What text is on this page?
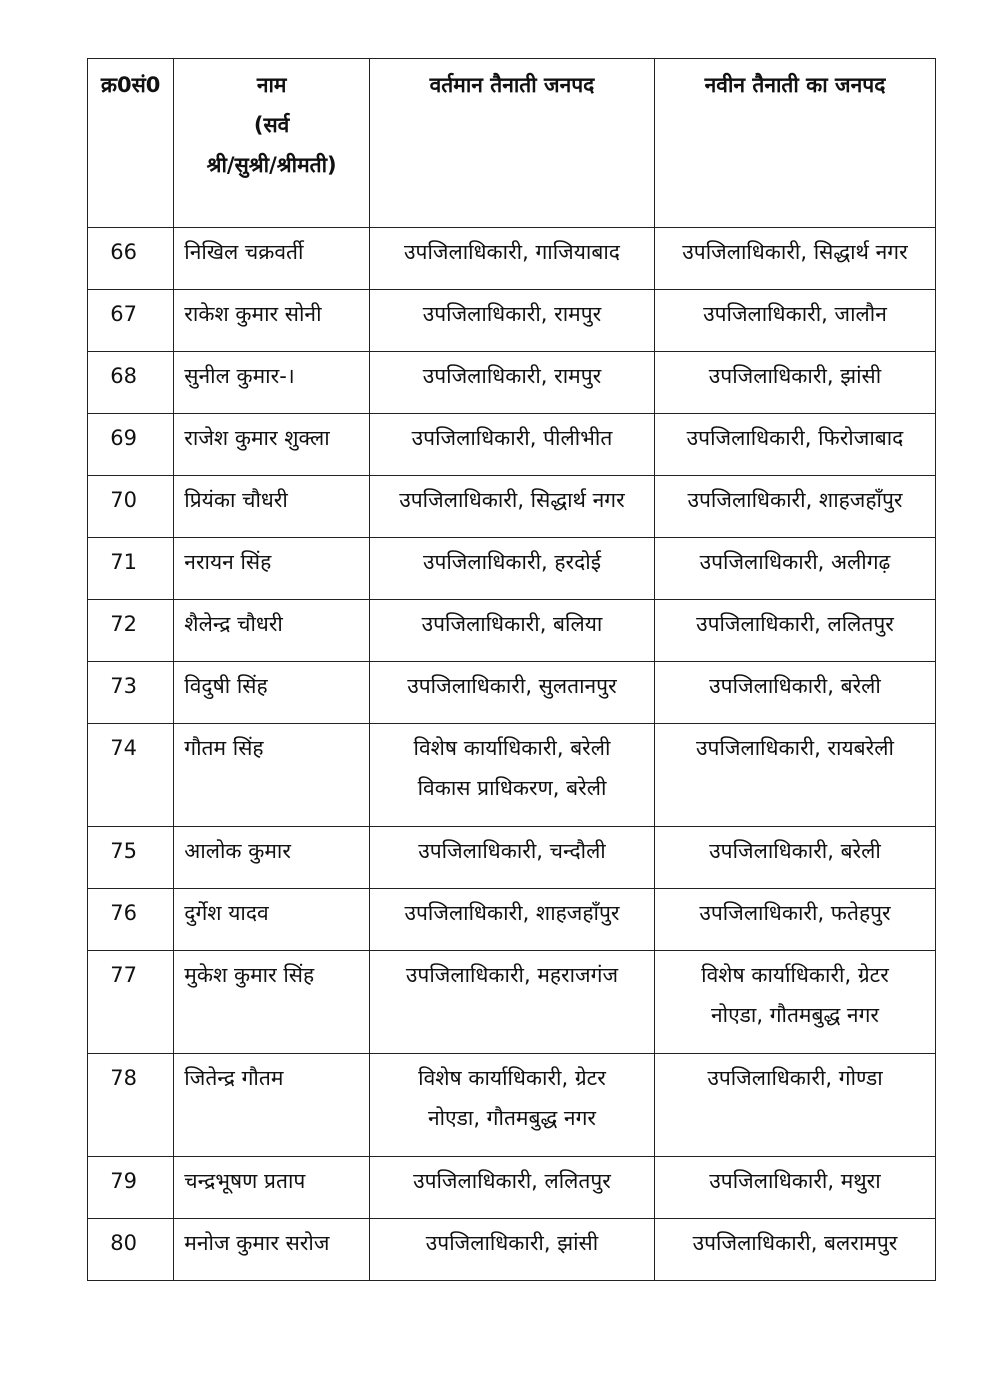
क्र0सं0	नाम
(सर्व
श्री/सुश्री/श्रीमती)	वर्तमान तैनाती जनपद	नवीन तैनाती का जनपद
66	निखिल चक्रवर्ती	उपजिलाधिकारी, गाजियाबाद	उपजिलाधिकारी, सिद्धार्थ नगर
67	राकेश कुमार सोनी	उपजिलाधिकारी, रामपुर	उपजिलाधिकारी, जालौन
68	सुनील कुमार-।	उपजिलाधिकारी, रामपुर	उपजिलाधिकारी, झांसी
69	राजेश कुमार शुक्ला	उपजिलाधिकारी, पीलीभीत	उपजिलाधिकारी, फिरोजाबाद
70	प्रियंका चौधरी	उपजिलाधिकारी, सिद्धार्थ नगर	उपजिलाधिकारी, शाहजहाँपुर
71	नरायन सिंह	उपजिलाधिकारी, हरदोई	उपजिलाधिकारी, अलीगढ़
72	शैलेन्द्र चौधरी	उपजिलाधिकारी, बलिया	उपजिलाधिकारी, ललितपुर
73	विदुषी सिंह	उपजिलाधिकारी, सुलतानपुर	उपजिलाधिकारी, बरेली
74	गौतम सिंह	विशेष कार्याधिकारी, बरेली
विकास प्राधिकरण, बरेली	उपजिलाधिकारी, रायबरेली
75	आलोक कुमार	उपजिलाधिकारी, चन्दौली	उपजिलाधिकारी, बरेली
76	दुर्गेश यादव	उपजिलाधिकारी, शाहजहाँपुर	उपजिलाधिकारी, फतेहपुर
77	मुकेश कुमार सिंह	उपजिलाधिकारी, महराजगंज	विशेष कार्याधिकारी, ग्रेटर
नोएडा, गौतमबुद्ध नगर

78	जितेन्द्र गौतम	विशेष कार्याधिकारी, ग्रेटर
नोएडा, गौतमबुद्ध नगर	उपजिलाधिकारी, गोण्डा
79	चन्द्रभूषण प्रताप	उपजिलाधिकारी, ललितपुर	उपजिलाधिकारी, मथुरा
80	मनोज कुमार सरोज	उपजिलाधिकारी, झांसी	उपजिलाधिकारी, बलरामपुर
